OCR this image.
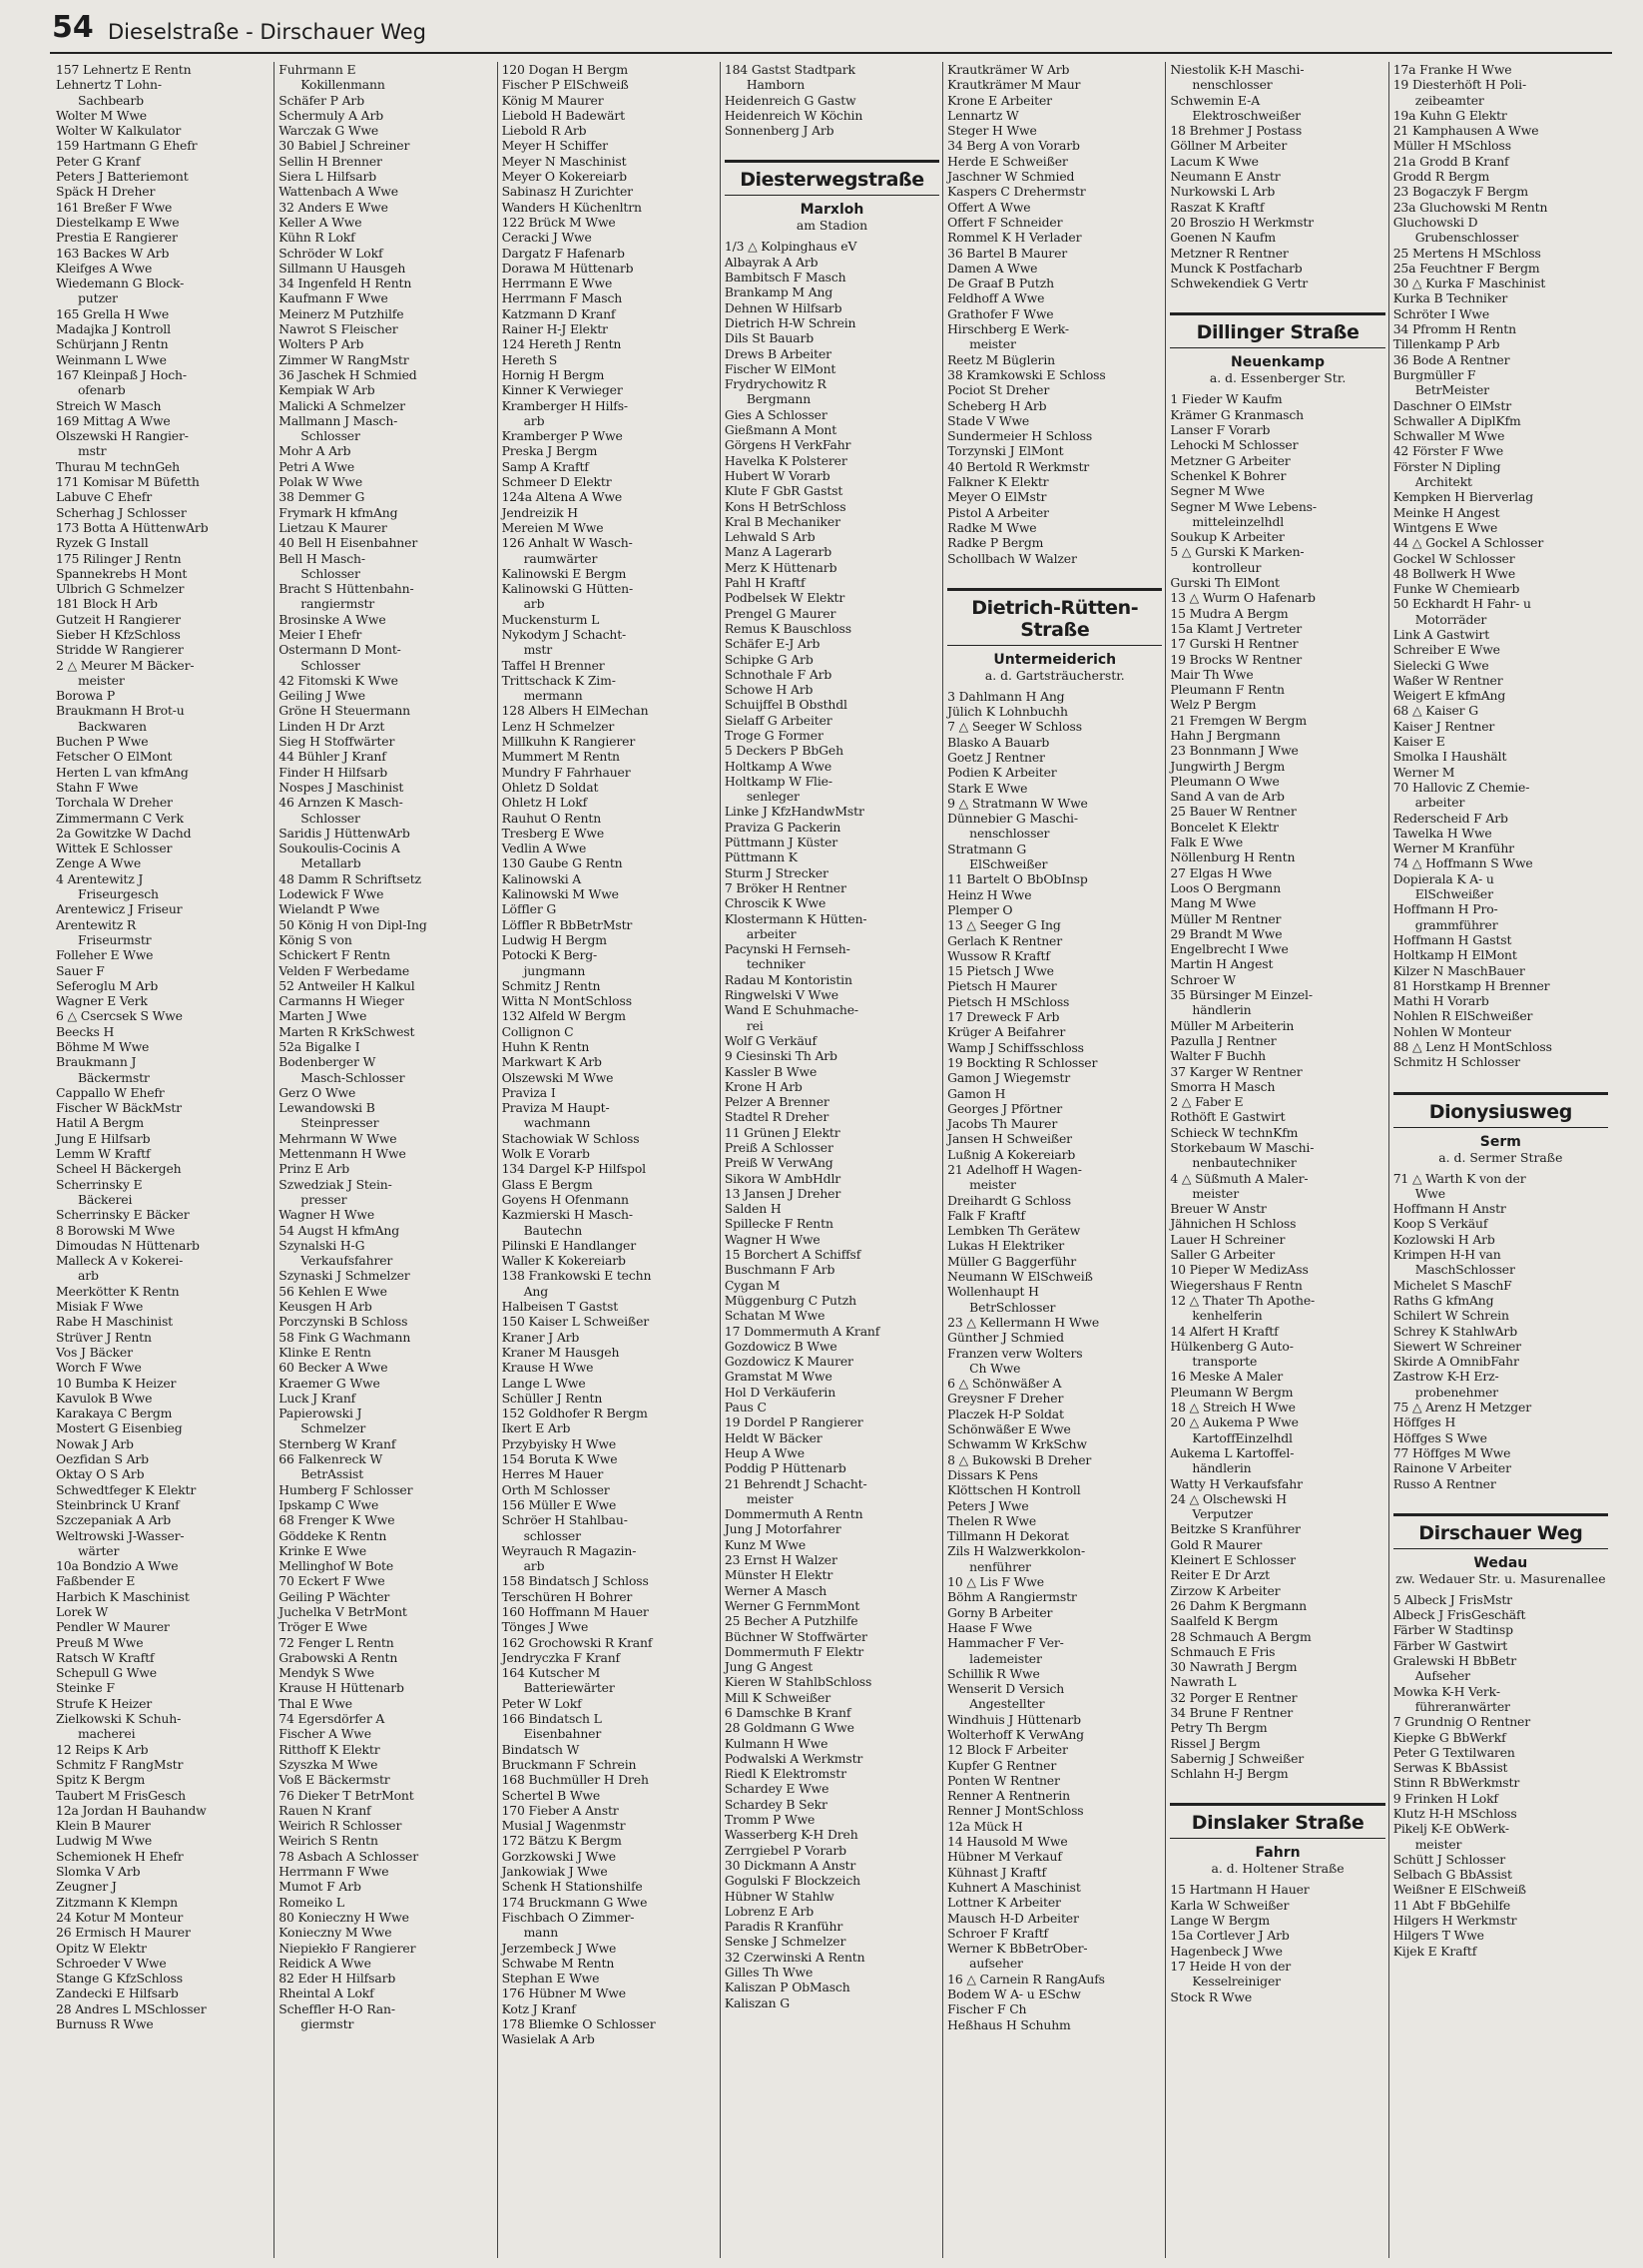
54 Dieselstraße - Dirschauer Weg
157 Lehnertz E Rentn
Lehnertz T Lohn-
Sachbearb
Wolter M Wwe
Wolter W Kalkulator
159 Hartmann G Ehefr
Peter G Kranf
Peters J Batteriemont
Späck H Dreher
161 Breßer F Wwe
Diestelkamp E Wwe
Prestia E Rangierer
163 Backes W Arb
Kleifges A Wwe
Wiedemann G Block-
putzer
165 Grella H Wwe
Madajka J Kontroll
Schürjann J Rentn
Weinmann L Wwe
167 Kleinpaß J Hoch-
ofenarb
Streich W Masch
169 Mittag A Wwe
Olszewski H Rangier-
mstr
Thurau M technGeh
171 Komisar M Büfetth
Labuve C Ehefr
Scherhag J Schlosser
173 Botta A HüttenwArb
Ryzek G Install
175 Rilinger J Rentn
Spannekrebs H Mont
Ulbrich G Schmelzer
181 Block H Arb
Gutzeit H Rangierer
Sieber H KfzSchloss
Stridde W Rangierer
2 △ Meurer M Bäcker-
meister
Borowa P
Braukmann H Brot-u
Backwaren
Buchen P Wwe
Fetscher O ElMont
Herten L van kfmAng
Stahn F Wwe
Torchala W Dreher
Zimmermann C Verk
2a Gowitzke W Dachd
Wittek E Schlosser
Zenge A Wwe
4 Arentewitz J
Friseurgesch
Arentewicz J Friseur
Arentewitz R
Friseurmstr
Folleher E Wwe
Sauer F
Seferoglu M Arb
Wagner E Verk
6 △ Csercsek S Wwe
Beecks H
Böhme M Wwe
Braukmann J
Bäckermstr
Cappallo W Ehefr
Fischer W BäckMstr
Hatil A Bergm
Jung E Hilfsarb
Lemm W Kraftf
Scheel H Bäckergeh
Scherrinsky E
Bäckerei
Scherrinsky E Bäcker
8 Borowski M Wwe
Dimoudas N Hüttenarb
Malleck A v Kokerei-
arb
Meerkötter K Rentn
Misiak F Wwe
Rabe H Maschinist
Strüver J Rentn
Vos J Bäcker
Worch F Wwe
10 Bumba K Heizer
Kavulok B Wwe
Karakaya C Bergm
Mostert G Eisenbieg
Nowak J Arb
Oezfidan S Arb
Oktay O S Arb
Schwedtfeger K Elektr
Steinbrinck U Kranf
Szczepaniak A Arb
Weltrowski J-Wasser-
wärter
10a Bondzio A Wwe
Faßbender E
Harbich K Maschinist
Lorek W
Pendler W Maurer
Preuß M Wwe
Ratsch W Kraftf
Schepull G Wwe
Steinke F
Strufe K Heizer
Zielkowski K Schuh-
macherei
12 Reips K Arb
Schmitz F RangMstr
Spitz K Bergm
Taubert M FrisGesch
12a Jordan H Bauhandw
Klein B Maurer
Ludwig M Wwe
Schemionek H Ehefr
Slomka V Arb
Zeugner J
Zitzmann K Klempn
24 Kotur M Monteur
26 Ermisch H Maurer
Opitz W Elektr
Schroeder V Wwe
Stange G KfzSchloss
Zandecki E Hilfsarb
28 Andres L MSchlosser
Burnuss R Wwe
Fuhrmann E
Kokillenmann
Schäfer P Arb
Schermuly A Arb
Warczak G Wwe
30 Babiel J Schreiner
Sellin H Brenner
Siera L Hilfsarb
Wattenbach A Wwe
32 Anders E Wwe
Keller A Wwe
Kühn R Lokf
Schröder W Lokf
Sillmann U Hausgeh
34 Ingenfeld H Rentn
Kaufmann F Wwe
Meinerz M Putzhilfe
Nawrot S Fleischer
Wolters P Arb
Zimmer W RangMstr
36 Jaschek H Schmied
Kempiak W Arb
Malicki A Schmelzer
Mallmann J Masch-
Schlosser
Mohr A Arb
Petri A Wwe
Polak W Wwe
38 Demmer G
Frymark H kfmAng
Lietzau K Maurer
40 Bell H Eisenbahner
Bell H Masch-
Schlosser
Bracht S Hüttenbahn-
rangiermstr
Brosinske A Wwe
Meier I Ehefr
Ostermann D Mont-
Schlosser
42 Fitomski K Wwe
Geiling J Wwe
Gröne H Steuermann
Linden H Dr Arzt
Sieg H Stoffwärter
44 Bühler J Kranf
Finder H Hilfsarb
Nospes J Maschinist
46 Arnzen K Masch-
Schlosser
Saridis J HüttenwArb
Soukoulis-Cocinis A
Metallarb
48 Damm R Schriftsetz
Lodewick F Wwe
Wielandt P Wwe
50 König H von Dipl-Ing
König S von
Schickert F Rentn
Velden F Werbedame
52 Antweiler H Kalkul
Carmanns H Wieger
Marten J Wwe
Marten R KrkSchwest
52a Bigalke I
Bodenberger W
Masch-Schlosser
Gerz O Wwe
Lewandowski B
Steinpresser
Mehrmann W Wwe
Mettenmann H Wwe
Prinz E Arb
Szwedziak J Stein-
presser
Wagner H Wwe
54 Augst H kfmAng
Szynalski H-G
Verkaufsfahrer
Szynaski J Schmelzer
56 Kehlen E Wwe
Keusgen H Arb
Porczynski B Schloss
58 Fink G Wachmann
Klinke E Rentn
60 Becker A Wwe
Kraemer G Wwe
Luck J Kranf
Papierowski J
Schmelzer
Sternberg W Kranf
66 Falkenreck W
BetrAssist
Humberg F Schlosser
Ipskamp C Wwe
68 Frenger K Wwe
Göddeke K Rentn
Krinke E Wwe
Mellinghof W Bote
70 Eckert F Wwe
Geiling P Wächter
Juchelka V BetrMont
Tröger E Wwe
72 Fenger L Rentn
Grabowski A Rentn
Mendyk S Wwe
Krause H Hüttenarb
Thal E Wwe
74 Egersdörfer A
Fischer A Wwe
Ritthoff K Elektr
Szyszka M Wwe
Voß E Bäckermstr
76 Dieker T BetrMont
Rauen N Kranf
Weirich R Schlosser
Weirich S Rentn
78 Asbach A Schlosser
Herrmann F Wwe
Mumot F Arb
Romeiko L
80 Konieczny H Wwe
Konieczny M Wwe
Niepiekło F Rangierer
Reidick A Wwe
82 Eder H Hilfsarb
Rheintal A Lokf
Scheffler H-O Ran-
giermstr
120 Dogan H Bergm
Fischer P ElSchweiß
König M Maurer
Liebold H Badewärt
Liebold R Arb
Meyer H Schiffer
Meyer N Maschinist
Meyer O Kokereiarb
Sabinasz H Zurichter
Wanders H Küchenltrn
122 Brück M Wwe
Ceracki J Wwe
Dargatz F Hafenarb
Dorawa M Hüttenarb
Herrmann E Wwe
Herrmann F Masch
Katzmann D Kranf
Rainer H-J Elektr
124 Hereth J Rentn
Hereth S
Hornig H Bergm
Kinner K Verwieger
Kramberger H Hilfs-
arb
Kramberger P Wwe
Preska J Bergm
Samp A Kraftf
Schmeer D Elektr
124a Altena A Wwe
Jendreizik H
Mereien M Wwe
126 Anhalt W Wasch-
raumwärter
Kalinowski E Bergm
Kalinowski G Hütten-
arb
Muckensturm L
Nykodym J Schacht-
mstr
Taffel H Brenner
Trittschack K Zim-
mermann
128 Albers H ElMechan
Lenz H Schmelzer
Millkuhn K Rangierer
Mummert M Rentn
Mundry F Fahrhauer
Ohletz D Soldat
Ohletz H Lokf
Rauhut O Rentn
Tresberg E Wwe
Vedlin A Wwe
130 Gaube G Rentn
Kalinowski A
Kalinowski M Wwe
Löffler G
Löffler R BbBetrMstr
Ludwig H Bergm
Potocki K Berg-
jungmann
Schmitz J Rentn
Witta N MontSchloss
132 Alfeld W Bergm
Collignon C
Huhn K Rentn
Markwart K Arb
Olszewski M Wwe
Praviza I
Praviza M Haupt-
wachmann
Stachowiak W Schloss
Wolk E Vorarb
134 Dargel K-P Hilfspol
Glass E Bergm
Goyens H Ofenmann
Kazmierski H Masch-
Bautechn
Pilinski E Handlanger
Waller K Kokereiarb
138 Frankowski E techn
Ang
Halbeisen T Gastst
150 Kaiser L Schweißer
Kraner J Arb
Kraner M Hausgeh
Krause H Wwe
Lange L Wwe
Schüller J Rentn
152 Goldhofer R Bergm
Ikert E Arb
Przybyisky H Wwe
154 Boruta K Wwe
Herres M Hauer
Orth M Schlosser
156 Müller E Wwe
Schröer H Stahlbau-
schlosser
Weyrauch R Magazin-
arb
158 Bindatsch J Schloss
Terschüren H Bohrer
160 Hoffmann M Hauer
Tönges J Wwe
162 Grochowski R Kranf
Jendryczka F Kranf
164 Kutscher M
Batteriewärter
Peter W Lokf
166 Bindatsch L
Eisenbahner
Bindatsch W
Bruckmann F Schrein
168 Buchmüller H Dreh
Schertel B Wwe
170 Fieber A Anstr
Musial J Wagenmstr
172 Bätzu K Bergm
Gorzkowski J Wwe
Jankowiak J Wwe
Schenk H Stationshilfe
174 Bruckmann G Wwe
Fischbach O Zimmer-
mann
Jerzembeck J Wwe
Schwabe M Rentn
Stephan E Wwe
176 Hübner M Wwe
Kotz J Kranf
178 Bliemke O Schlosser
Wasielak A Arb
184 Gastst Stadtpark
Hamborn
Heidenreich G Gastw
Heidenreich W Köchin
Sonnenberg J Arb
Diesterwegstraße
Marxloh
am Stadion
1/3 △ Kolpinghaus eV
Albayrak A Arb
Bambitsch F Masch
Brankamp M Ang
Dehnen W Hilfsarb
Dietrich H-W Schrein
Dils St Bauarb
Drews B Arbeiter
Fischer W ElMont
Frydrychowitz R
Bergmann
Gies A Schlosser
Gießmann A Mont
Görgens H VerkFahr
Havelka K Polsterer
Hubert W Vorarb
Klute F GbR Gastst
Kons H BetrSchloss
Kral B Mechaniker
Lehwald S Arb
Manz A Lagerarb
Merz K Hüttenarb
Pahl H Kraftf
Podbelsek W Elektr
Prengel G Maurer
Remus K Bauschloss
Schäfer E-J Arb
Schipke G Arb
Schnothale F Arb
Schowe H Arb
Schuijffel B Obsthdl
Sielaff G Arbeiter
Troge G Former
5 Deckers P BbGeh
Holtkamp A Wwe
Holtkamp W Flie-
senleger
Linke J KfzHandwMstr
Praviza G Packerin
Püttmann J Küster
Püttmann K
Sturm J Strecker
7 Bröker H Rentner
Chroscik K Wwe
Klostermann K Hütten-
arbeiter
Pacynski H Fernseh-
techniker
Radau M Kontoristin
Ringwelski V Wwe
Wand E Schuhmache-
rei
Wolf G Verkäuf
9 Ciesinski Th Arb
Kassler B Wwe
Krone H Arb
Pelzer A Brenner
Stadtel R Dreher
11 Grünen J Elektr
Preiß A Schlosser
Preiß W VerwAng
Sikora W AmbHdlr
13 Jansen J Dreher
Salden H
Spillecke F Rentn
Wagner H Wwe
15 Borchert A Schiffsf
Buschmann F Arb
Cygan M
Müggenburg C Putzh
Schatan M Wwe
17 Dommermuth A Kranf
Gozdowicz B Wwe
Gozdowicz K Maurer
Gramstat M Wwe
Hol D Verkäuferin
Paus C
19 Dordel P Rangierer
Heldt W Bäcker
Heup A Wwe
Poddig P Hüttenarb
21 Behrendt J Schacht-
meister
Dommermuth A Rentn
Jung J Motorfahrer
Kunz M Wwe
23 Ernst H Walzer
Münster H Elektr
Werner A Masch
Werner G FernmMont
25 Becher A Putzhilfe
Büchner W Stoffwärter
Dommermuth F Elektr
Jung G Angest
Kieren W StahlbSchloss
Mill K Schweißer
6 Damschke B Kranf
28 Goldmann G Wwe
Kulmann H Wwe
Podwalski A Werkmstr
Riedl K Elektromstr
Schardey E Wwe
Schardey B Sekr
Tromm P Wwe
Wasserberg K-H Dreh
Zerrgiebel P Vorarb
30 Dickmann A Anstr
Gogulski F Blockzeich
Hübner W Stahlw
Lobrenz E Arb
Paradis R Kranführ
Senske J Schmelzer
32 Czerwinski A Rentn
Gilles Th Wwe
Kaliszan P ObMasch
Kaliszan G
Krautkrämer W Arb
Krautkrämer M Maur
Krone E Arbeiter
Lennartz W
Steger H Wwe
34 Berg A von Vorarb
Herde E Schweißer
Jaschner W Schmied
Kaspers C Drehermstr
Offert A Wwe
Offert F Schneider
Rommel K H Verlader
36 Bartel B Maurer
Damen A Wwe
De Graaf B Putzh
Feldhoff A Wwe
Grathofer F Wwe
Hirschberg E Werk-
meister
Reetz M Büglerin
38 Kramkowski E Schloss
Pociot St Dreher
Scheberg H Arb
Stade V Wwe
Sundermeier H Schloss
Torzynski J ElMont
40 Bertold R Werkmstr
Falkner K Elektr
Meyer O ElMstr
Pistol A Arbeiter
Radke M Wwe
Radke P Bergm
Schollbach W Walzer
Dietrich-Rütten-Straße
Untermeiderich
a. d. Gartsträucherstr.
3 Dahlmann H Ang
Jülich K Lohnbuchh
7 △ Seeger W Schloss
Blasko A Bauarb
Goetz J Rentner
Podien K Arbeiter
Stark E Wwe
9 △ Stratmann W Wwe
Dünnebier G Maschi-
nenschlosser
Stratmann G
ElSchweißer
11 Bartelt O BbObInsp
Heinz H Wwe
Plemper O
13 △ Seeger G Ing
Gerlach K Rentner
Wussow R Kraftf
15 Pietsch J Wwe
Pietsch H Maurer
Pietsch H MSchloss
17 Dreweck F Arb
Krüger A Beifahrer
Wamp J Schiffsschloss
19 Bockting R Schlosser
Gamon J Wiegemstr
Gamon H
Georges J Pförtner
Jacobs Th Maurer
Jansen H Schweißer
Lußnig A Kokereiarb
21 Adelhoff H Wagen-
meister
Dreihardt G Schloss
Falk F Kraftf
Lembken Th Gerätew
Lukas H Elektriker
Müller G Baggerführ
Neumann W ElSchweiß
Wollenhaupt H
BetrSchlosser
23 △ Kellermann H Wwe
Günther J Schmied
Franzen verw Wolters
Ch Wwe
6 △ Schönwäßer A
Greysner F Dreher
Placzek H-P Soldat
Schönwäßer E Wwe
Schwamm W KrkSchw
8 △ Bukowski B Dreher
Dissars K Pens
Klöttschen H Kontroll
Peters J Wwe
Thelen R Wwe
Tillmann H Dekorat
Zils H Walzwerkkolon-
nenführer
10 △ Lis F Wwe
Böhm A Rangiermstr
Gorny B Arbeiter
Haase F Wwe
Hammacher F Ver-
lademeister
Schillik R Wwe
Wenserit D Versich
Angestellter
Windhuis J Hüttenarb
Wolterhoff K VerwAng
12 Block F Arbeiter
Kupfer G Rentner
Ponten W Rentner
Renner A Rentnerin
Renner J MontSchloss
12a Mück H
14 Hausold M Wwe
Hübner M Verkauf
Kühnast J Kraftf
Kuhnert A Maschinist
Lottner K Arbeiter
Mausch H-D Arbeiter
Schroer F Kraftf
Werner K BbBetrOber-
aufseher
16 △ Carnein R RangAufs
Bodem W A- u ESchw
Fischer F Ch
Heßhaus H Schuhm
Niestolik K-H Maschi-
nenschlosser
Schwemin E-A
Elektroschweißer
18 Brehmer J Postass
Göllner M Arbeiter
Lacum K Wwe
Neumann E Anstr
Nurkowski L Arb
Raszat K Kraftf
20 Broszio H Werkmstr
Goenen N Kaufm
Metzner R Rentner
Munck K Postfacharb
Schwekendiek G Vertr
Dillinger Straße
Neuenkamp
a. d. Essenberger Str.
1 Fieder W Kaufm
Krämer G Kranmasch
Lanser F Vorarb
Lehocki M Schlosser
Metzner G Arbeiter
Schenkel K Bohrer
Segner M Wwe
Segner M Wwe Lebens-
mitteleinzelhdl
Soukup K Arbeiter
5 △ Gurski K Marken-
kontrolleur
Gurski Th ElMont
13 △ Wurm O Hafenarb
15 Mudra A Bergm
15a Klamt J Vertreter
17 Gurski H Rentner
19 Brocks W Rentner
Mair Th Wwe
Pleumann F Rentn
Welz P Bergm
21 Fremgen W Bergm
Hahn J Bergmann
23 Bonnmann J Wwe
Jungwirth J Bergm
Pleumann O Wwe
Sand A van de Arb
25 Bauer W Rentner
Boncelet K Elektr
Falk E Wwe
Nöllenburg H Rentn
27 Elgas H Wwe
Loos O Bergmann
Mang M Wwe
Müller M Rentner
29 Brandt M Wwe
Engelbrecht I Wwe
Martin H Angest
Schroer W
35 Bürsinger M Einzel-
händlerin
Müller M Arbeiterin
Pazulla J Rentner
Walter F Buchh
37 Karger W Rentner
Smorra H Masch
2 △ Faber E
Rothöft E Gastwirt
Schieck W technKfm
Storkebaum W Maschi-
nenbautechniker
4 △ Süßmuth A Maler-
meister
Breuer W Anstr
Jähnichen H Schloss
Lauer H Schreiner
Saller G Arbeiter
10 Pieper W MedizAss
Wiegershaus F Rentn
12 △ Thater Th Apothe-
kenhelferin
14 Alfert H Kraftf
Hülkenberg G Auto-
transporte
16 Meske A Maler
Pleumann W Bergm
18 △ Streich H Wwe
20 △ Aukema P Wwe
KartoffEinzelhdl
Aukema L Kartoffel-
händlerin
Watty H Verkaufsfahr
24 △ Olschewski H
Verputzer
Beitzke S Kranführer
Gold R Maurer
Kleinert E Schlosser
Reiter E Dr Arzt
Zirzow K Arbeiter
26 Dahm K Bergmann
Saalfeld K Bergm
28 Schmauch A Bergm
Schmauch E Fris
30 Nawrath J Bergm
Nawrath L
32 Porger E Rentner
34 Brune F Rentner
Petry Th Bergm
Rissel J Bergm
Sabernig J Schweißer
Schlahn H-J Bergm
Dinslaker Straße
Fahrn
a. d. Holtener Straße
15 Hartmann H Hauer
Karla W Schweißer
Lange W Bergm
15a Cortlever J Arb
Hagenbeck J Wwe
17 Heide H von der
Kesselreiniger
Stock R Wwe
17a Franke H Wwe
19 Diesterhöft H Poli-
zeibeamter
19a Kuhn G Elektr
21 Kamphausen A Wwe
Müller H MSchloss
21a Grodd B Kranf
Grodd R Bergm
23 Bogaczyk F Bergm
23a Gluchowski M Rentn
Gluchowski D
Grubenschlosser
25 Mertens H MSchloss
25a Feuchtner F Bergm
30 △ Kurka F Maschinist
Kurka B Techniker
Schröter I Wwe
34 Pfromm H Rentn
Tillenkamp P Arb
36 Bode A Rentner
Burgmüller F
BetrMeister
Daschner O ElMstr
Schwaller A DiplKfm
Schwaller M Wwe
42 Förster F Wwe
Förster N Dipling
Architekt
Kempken H Bierverlag
Meinke H Angest
Wintgens E Wwe
44 △ Gockel A Schlosser
Gockel W Schlosser
48 Bollwerk H Wwe
Funke W Chemiearb
50 Eckhardt H Fahr- u
Motorräder
Link A Gastwirt
Schreiber E Wwe
Sielecki G Wwe
Waßer W Rentner
Weigert E kfmAng
68 △ Kaiser G
Kaiser J Rentner
Kaiser E
Smolka I Haushält
Werner M
70 Hallovic Z Chemie-
arbeiter
Rederscheid F Arb
Tawelka H Wwe
Werner M Kranführ
74 △ Hoffmann S Wwe
Dopierala K A- u
ElSchweißer
Hoffmann H Pro-
grammführer
Hoffmann H Gastst
Holtkamp H ElMont
Kilzer N MaschBauer
81 Horstkamp H Brenner
Mathi H Vorarb
Nohlen R ElSchweißer
Nohlen W Monteur
88 △ Lenz H MontSchloss
Schmitz H Schlosser
Dionysiusweg
Serm
a. d. Sermer Straße
71 △ Warth K von der
Wwe
Hoffmann H Anstr
Koop S Verkäuf
Kozlowski H Arb
Krimpen H-H van
MaschSchlosser
Michelet S MaschF
Raths G kfmAng
Schilert W Schrein
Schrey K StahlwArb
Siewert W Schreiner
Skirde A OmnibFahr
Zastrow K-H Erz-
probenehmer
75 △ Arenz H Metzger
Höffges H
Höffges S Wwe
77 Höffges M Wwe
Rainone V Arbeiter
Russo A Rentner
Dirschauer Weg
Wedau
zw. Wedauer Str. u. Masurenallee
5 Albeck J FrisMstr
Albeck J FrisGeschäft
Färber W Stadtinsp
Färber W Gastwirt
Gralewski H BbBetr
Aufseher
Mowka K-H Verk-
führeranwärter
7 Grundnig O Rentner
Kiepke G BbWerkf
Peter G Textilwaren
Serwas K BbAssist
Stinn R BbWerkmstr
9 Frinken H Lokf
Klutz H-H MSchloss
Pikelj K-E ObWerk-
meister
Schütt J Schlosser
Selbach G BbAssist
Weißner E ElSchweiß
11 Abt F BbGehilfe
Hilgers H Werkmstr
Hilgers T Wwe
Kijek E Kraftf
